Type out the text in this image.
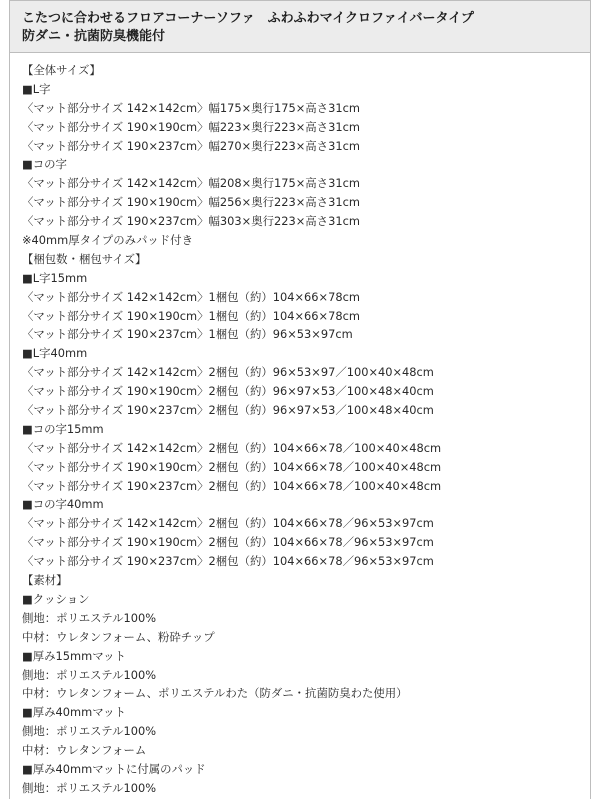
こたつに合わせるフロアコーナーソファ　ふわふわマイクロファイバータイプ
防ダニ・抗菌防臭機能付
【全体サイズ】
■L字
〈マット部分サイズ 142×142cm〉幅175×奥行175×高さ31cm
〈マット部分サイズ 190×190cm〉幅223×奥行223×高さ31cm
〈マット部分サイズ 190×237cm〉幅270×奥行223×高さ31cm
■コの字
〈マット部分サイズ 142×142cm〉幅208×奥行175×高さ31cm
〈マット部分サイズ 190×190cm〉幅256×奥行223×高さ31cm
〈マット部分サイズ 190×237cm〉幅303×奥行223×高さ31cm
※40mm厚タイプのみパッド付き
【梱包数・梱包サイズ】
■L字15mm
〈マット部分サイズ 142×142cm〉1梱包（約）104×66×78cm
〈マット部分サイズ 190×190cm〉1梱包（約）104×66×78cm
〈マット部分サイズ 190×237cm〉1梱包（約）96×53×97cm
■L字40mm
〈マット部分サイズ 142×142cm〉2梱包（約）96×53×97／100×40×48cm
〈マット部分サイズ 190×190cm〉2梱包（約）96×97×53／100×48×40cm
〈マット部分サイズ 190×237cm〉2梱包（約）96×97×53／100×48×40cm
■コの字15mm
〈マット部分サイズ 142×142cm〉2梱包（約）104×66×78／100×40×48cm
〈マット部分サイズ 190×190cm〉2梱包（約）104×66×78／100×40×48cm
〈マット部分サイズ 190×237cm〉2梱包（約）104×66×78／100×40×48cm
■コの字40mm
〈マット部分サイズ 142×142cm〉2梱包（約）104×66×78／96×53×97cm
〈マット部分サイズ 190×190cm〉2梱包（約）104×66×78／96×53×97cm
〈マット部分サイズ 190×237cm〉2梱包（約）104×66×78／96×53×97cm
【素材】
■クッション
側地：ポリエステル100%
中材：ウレタンフォーム、粉砕チップ
■厚み15mmマット
側地：ポリエステル100%
中材：ウレタンフォーム、ポリエステルわた（防ダニ・抗菌防臭わた使用）
■厚み40mmマット
側地：ポリエステル100%
中材：ウレタンフォーム
■厚み40mmマットに付属のパッド
側地：ポリエステル100%
